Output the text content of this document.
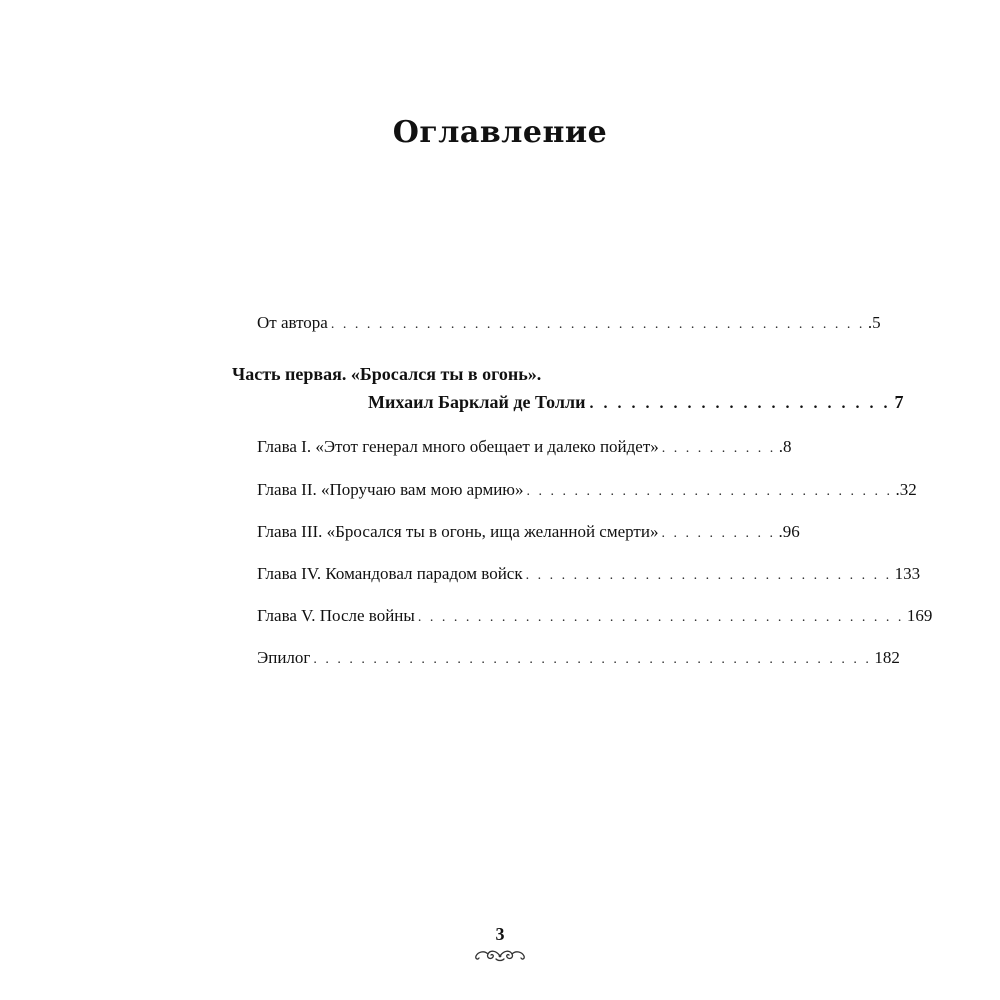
Оглавление
От автора . . . . . . . . . . . . . . . . . . . . . . . . . . . . . . . . . . . . . . . . . . . . . .5
Часть первая. «Бросался ты в огонь».
Михаил Барклай де Толли . . . . . . . . . . . . . . . . . . . . . . 7
Глава I. «Этот генерал много обещает и далеко пойдет» . . . . . . . . . . .8
Глава II. «Поручаю вам мою армию» . . . . . . . . . . . . . . . . . . . . . . . . . . . . . . . .32
Глава III. «Бросался ты в огонь, ища желанной смерти» . . . . . . . . . . .96
Глава IV. Командовал парадом войск . . . . . . . . . . . . . . . . . . . . . . . . . . . . . . . 133
Глава V. После войны . . . . . . . . . . . . . . . . . . . . . . . . . . . . . . . . . . . . . . . . . 169
Эпилог . . . . . . . . . . . . . . . . . . . . . . . . . . . . . . . . . . . . . . . . . . . . . . . 182
3
